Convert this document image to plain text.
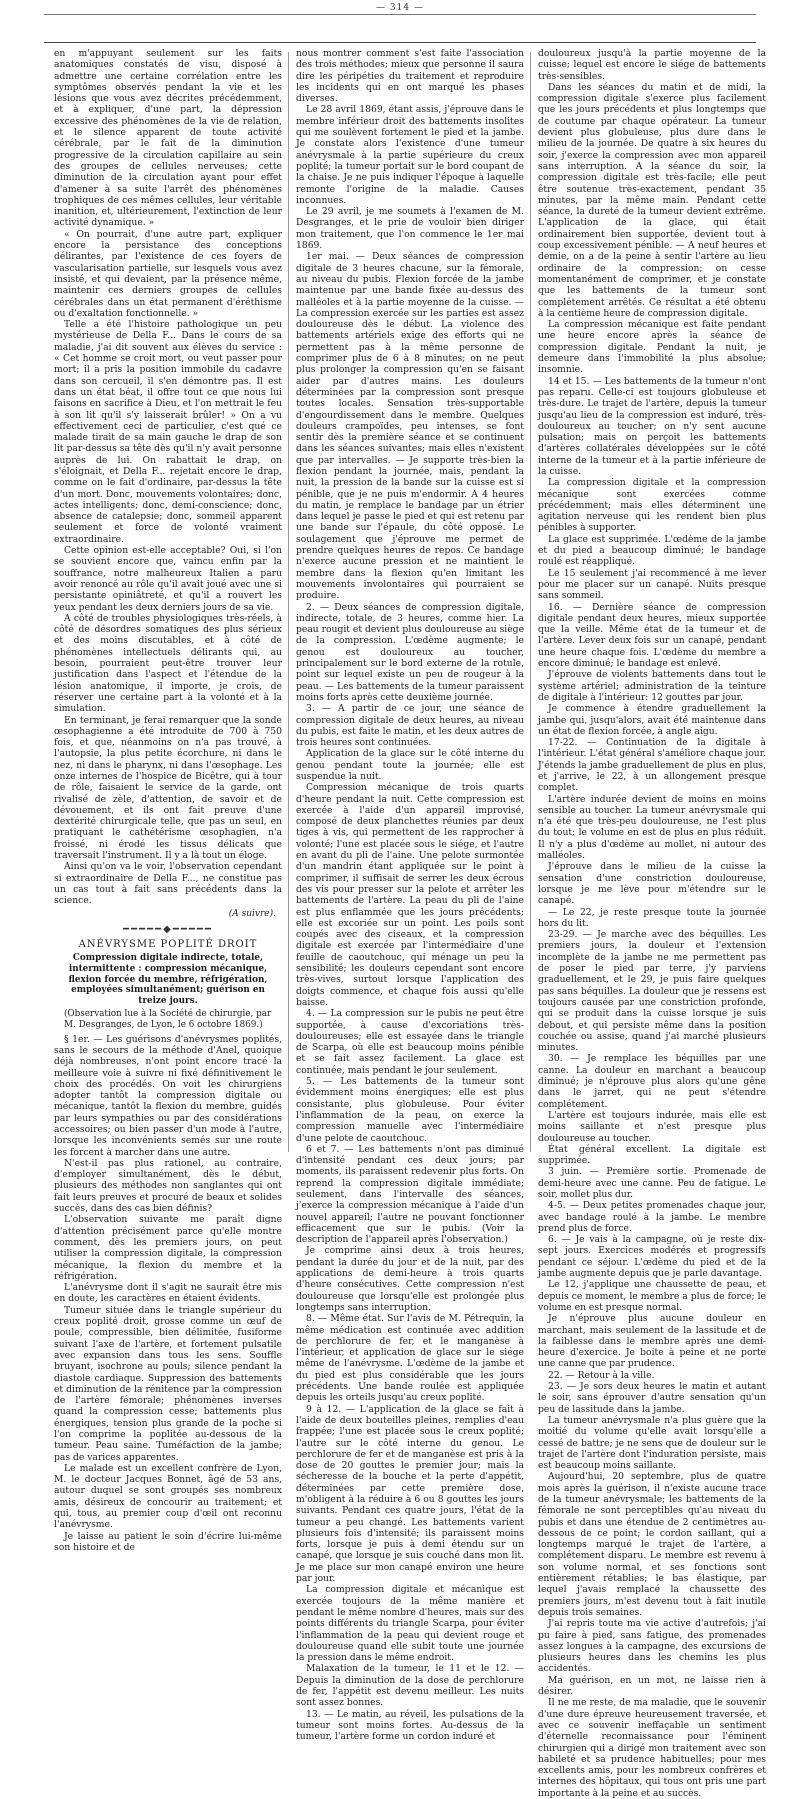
— 314 —

en m'appuyant seulement sur les faits anatomiques constatés de visu, disposé à admettre une certaine corrélation entre les symptômes observés pendant la vie et les lésions que vous avez décrites précédemment, et à expliquer, d'une part, la dépression excessive des phénomènes de la vie de relation, et le silence apparent de toute activité cérébrale, par le fait de la diminution progressive de la circulation capillaire au sein des groupes de cellules nerveuses; cette diminution de la circulation ayant pour effet d'amener à sa suite l'arrêt des phénomènes trophiques de ces mêmes cellules, leur véritable inanition, et, ultérieurement, l'extinction de leur activité dynamique. »

« On pourrait, d'une autre part, expliquer encore la persistance des conceptions délirantes, par l'existence de ces foyers de vascularisation partielle, sur lesquels vous avez insisté, et qui devaient, par la présence même, maintenir ces derniers groupes de cellules cérébrales dans un état permanent d'éréthisme ou d'exaltation fonctionnelle. »

Telle a été l'histoire pathologique un peu mystérieuse de Della F... Dans le cours de sa maladie, j'ai dit souvent aux élèves du service : « Cet homme se croit mort, ou veut passer pour mort; il a pris la position immobile du cadavre dans son cercueil, il s'en démontre pas. Il est dans un état béat, il offre tout ce que nous lui faisons en sacrifice à Dieu, et l'on mettrait le feu à son lit qu'il s'y laisserait brûler! » On a vu effectivement ceci de particulier, c'est qué ce malade tirait de sa main gauche le drap de son lit par-dessus sa tête dès qu'il n'y avait personne auprès de lui. On rabattait le drap, on s'éloignait, et Della F... rejetait encore le drap, comme on le fait d'ordinaire, par-dessus la tête d'un mort. Donc, mouvements volontaires; donc, actes intelligents; donc, demi-conscience; donc, absence de catalepsie; donc, sommeil apparent seulement et force de volonté vraiment extraordinaire.

Cette opinion est-elle acceptable? Oui, si l'on se souvient encore que, vaincu enfin par la souffrance, notre malheureux Italien a paru avoir renoncé au rôle qu'il avait joué avec une si persistante opiniâtreté, et qu'il a rouvert les yeux pendant les deux derniers jours de sa vie.

A côté de troubles physiologiques très-réels, à côté de désordres somatiques des plus sérieux et des moins discutables, et à côté de phénomènes intellectuels délirants qui, au besoin, pourraient peut-être trouver leur justification dans l'aspect et l'étendue de la lésion anatomique, il importe, je crois, de réserver une certaine part à la volonté et à la simulation.

En terminant, je ferai remarquer que la sonde œsophagienne a été introduite de 700 à 750 fois, et que, néanmoins on n'a pas trouvé, à l'autopsie, la plus petite écorchure, ni dans le nez, ni dans le pharynx, ni dans l'œsophage. Les onze internes de l'hospice de Bicêtre, qui à tour de rôle, faisaient le service de la garde, ont rivalisé de zèle, d'attention, de savoir et de dévouement, et ils ont fait preuve d'une dextérité chirurgicale telle, que pas un seul, en pratiquant le cathétérisme œsophagien, n'a froissé, ni érodé les tissus délicats que traversait l'instrument. Il y a là tout un éloge.

Ainsi qu'on va le voir, l'observation cependant si extraordinaire de Della F..., ne constitue pas un cas tout à fait sans précédents dans la science.

(A suivre).
━━━━━◆━━━━━
ANÉVRYSME POPLITÉ DROIT
Compression digitale indirecte, totale, intermittente : compression mécanique, flexion forcée du membre, réfrigération, employées simultanément; guérison en treize jours.
(Observation lue à la Société de chirurgie, par M. Desgranges, de Lyon, le 6 octobre 1869.)

§ 1er. — Les guérisons d'anévrysmes poplités, sans le secours de la méthode d'Anel, quoique déjà nombreuses, n'ont point encore tracé la meilleure voie à suivre ni fixé définitivement le choix des procédés. On voit les chirurgiens adopter tantôt la compression digitale ou mécanique, tantôt la flexion du membre, guidés par leurs sympathies ou par des considérations accessoires; ou bien passer d'un mode à l'autre, lorsque les inconvénients semés sur une route les forcent à marcher dans une autre.

N'est-il pas plus rationel, au contraire, d'employer simultanément, dès le début, plusieurs des méthodes non sanglantes qui ont fait leurs preuves et procuré de beaux et solides succès, dans des cas bien définis?

L'observation suivante me paraît digne d'attention précisément parce qu'elle montre comment, dès les premiers jours, on peut utiliser la compression digitale, la compression mécanique, la flexion du membre et la réfrigération.

L'anévrysme dont il s'agit ne saurait être mis en doute, les caractères en étaient évidents.

Tumeur située dans le triangle supérieur du creux poplité droit, grosse comme un œuf de poule, compressible, bien délimitée, fusiforme suivant l'axe de l'artère, et fortement pulsatile avec expansion dans tous les sens. Souffle bruyant, isochrone au pouls; silence pendant la diastole cardiaque. Suppression des battements et diminution de la rénitence par la compression de l'artère fémorale; phénomènes inverses quand la compression cesse; battements plus énergiques, tension plus grande de la poche si l'on comprime la poplitée au-dessous de la tumeur. Peau saine. Tuméfaction de la jambe; pas de varices apparentes.

Le malade est un excellent confrère de Lyon, M. le docteur Jacques Bonnet, âgé de 53 ans, autour duquel se sont groupés ses nombreux amis, désireux de concourir au traitement; et qui, tous, au premier coup d'œil ont reconnu l'anévrysme.

Je laisse au patient le soin d'écrire lui-même son histoire et de

nous montrer comment s'est faite l'association des trois méthodes; mieux que personne il saura dire les péripéties du traitement et reproduire les incidents qui en ont marqué les phases diverses.

Le 28 avril 1869, étant assis, j'éprouve dans le membre inférieur droit des battements insolites qui me soulèvent fortement le pied et la jambe. Je constate alors l'existence d'une tumeur anévrysmale à la partie supérieure du creux poplité; la tumeur portait sur le bord coupant de la chaise. Je ne puis indiquer l'époque à laquelle remonte l'origine de la maladie. Causes inconnues.

Le 29 avril, je me soumets à l'examen de M. Desgranges, et le prie de vouloir bien diriger mon traitement, que l'on commence le 1er mai 1869.

1er mai. — Deux séances de compression digitale de 3 heures chacune, sur la fémorale, au niveau du pubis. Flexion forcée de la jambe maintenue par une bande fixée au-dessus des malléoles et à la partie moyenne de la cuisse. — La compression exercée sur les parties est assez douloureuse dès le début. La violence des battements artériels exige des efforts qui ne permettent pas à la même personne de comprimer plus de 6 à 8 minutes; on ne peut plus prolonger la compression qu'en se faisant aider par d'autres mains. Les douleurs déterminées par la compression sont presque toutes locales. Sensation très-supportable d'engourdissement dans le membre. Quelques douleurs crampoïdes, peu intenses, se font sentir dès la première séance et se continuent dans les séances suivantes; mais elles n'existent que par intervalles. — Je supporte très-bien la flexion pendant la journée, mais, pendant la nuit, la pression de la bande sur la cuisse est si pénible, que je ne puis m'endormir. A 4 heures du matin, je remplace le bandage par un étrier dans lequel je passe le pied et qui est retenu par une bande sur l'épaule, du côté opposé. Le soulagement que j'éprouve me permet de prendre quelques heures de repos. Ce bandage n'exerce aucune pression et ne maintient le membre dans la flexion qu'en limitant les mouvements involontaires qui pourraient se produire.

2. — Deux séances de compression digitale, indirecte, totale, de 3 heures, comme hier. La peau rougit et devient plus douloureuse au siège de la compression. L'œdème augmente; le genou est douloureux au toucher, principalement sur le bord externe de la rotule, point sur lequel existe un peu de rougeur à la peau. — Les battements de la tumeur paraissent moins forts après cette deuxième journée.

3. — A partir de ce jour, une séance de compression digitale de deux heures, au niveau du pubis, est faite le matin, et les deux autres de trois heures sont continuées.

Application de la glace sur le côté interne du genou pendant toute la journée; elle est suspendue la nuit.

Compression mécanique de trois quarts d'heure pendant la nuit. Cette compression est exercée à l'aide d'un appareil improvisé, composé de deux planchettes réunies par deux tiges à vis, qui permettent de les rapprocher à volonté; l'une est placée sous le siége, et l'autre en avant du pli de l'aine. Une pelote surmontée d'un mandrin étant appliquée sur le point à comprimer, il suffisait de serrer les deux écrous des vis pour presser sur la pelote et arrêter les battements de l'artère. La peau du pli de l'aine est plus enflammée que les jours précédents; elle est excoriée sur un point. Les poils sont coupés avec des ciseaux, et la compression digitale est exercée par l'intermédiaire d'une feuille de caoutchouc, qui ménage un peu la sensibilité; les douleurs cependant sont encore très-vives, surtout lorsque l'application des doigts commence, et chaque fois aussi qu'elle baisse.

4. — La compression sur le pubis ne peut être supportée, à cause d'excoriations très-douloureuses; elle est essayée dans le triangle de Scarpa, où elle est beaucoup moins pénible et se fait assez facilement. La glace est continuée, mais pendant le jour seulement.

5. — Les battements de la tumeur sont évidemment moins énergiques; elle est plus consistante, plus globuleuse. Pour éviter l'inflammation de la peau, on exerce la compression manuelle avec l'intermédiaire d'une pelote de caoutchouc.

6 et 7. — Les battements n'ont pas diminué d'intensité pendant ces deux jours; par moments, ils paraissent redevenir plus forts. On reprend la compression digitale immédiate; seulement, dans l'intervalle des séances, j'exerce la compression mécanique à l'aide d'un nouvel appareil; l'autre ne pouvant fonctionner efficacement que sur le pubis. (Voir la description de l'appareil après l'observation.)

Je comprime ainsi deux à trois heures, pendant la durée du jour et de la nuit, par des applications de demi-heure à trois quarts d'heure consécutives. Cette compression n'est douloureuse que lorsqu'elle est prolongée plus longtemps sans interruption.

8. — Même état. Sur l'avis de M. Pétrequin, la même médication est continuée avec addition de perchlorure de fer, et le manganèse à l'intérieur, et application de glace sur le siége même de l'anévrysme. L'œdème de la jambe et du pied est plus considérable que les jours précédents. Une bande roulée est appliquée depuis les orteils jusqu'au creux poplité.

9 à 12. — L'application de la glace se fait à l'aide de deux bouteilles pleines, remplies d'eau frappée; l'une est placée sous le creux poplité; l'autre sur le côté interne du genou. Le perchlorure de fer et de manganèse est pris à la dose de 20 gouttes le premier jour; mais la sécheresse de la bouche et la perte d'appétit, déterminées par cette première dose, m'obligent à la réduire à 6 ou 8 gouttes les jours suivants. Pendant ces quatre jours, l'état de la tumeur a peu changé. Les battements varient plusieurs fois d'intensité; ils paraissent moins forts, lorsque je puis à demi étendu sur un canapé, que lorsque je suis couché dans mon lit. Je me place sur mon canapé environ une heure par jour.

La compression digitale et mécanique est exercée toujours de la même manière et pendant le même nombre d'heures, mais sur des points différents du triangle Scarpa, pour éviter l'inflammation de la peau qui devient rouge et douloureuse quand elle subit toute une journée la pression dans le même endroit.

Malaxation de la tumeur, le 11 et le 12. — Depuis la diminution de la dose de perchlorure de fer, l'appétit est devenu meilleur. Les nuits sont assez bonnes.

13. — Le matin, au réveil, les pulsations de la tumeur sont moins fortes. Au-dessus de la tumeur, l'artère forme un cordon induré et

douloureux jusqu'à la partie moyenne de la cuisse; lequel est encore le siége de battements très-sensibles.

Dans les séances du matin et de midi, la compression digitale s'exerce plus facilement que les jours précédents et plus longtemps que de coutume par chaque opérateur. La tumeur devient plus globuleuse, plus dure dans le milieu de la journée. De quatre à six heures du soir, j'exerce la compression avec mon appareil sans interruption. A la séance du soir, la compression digitale est très-facile; elle peut être soutenue très-exactement, pendant 35 minutes, par la même main. Pendant cette séance, la dureté de la tumeur devient extrême. L'application de la glace, qui était ordinairement bien supportée, devient tout à coup excessivement pénible. — A neuf heures et demie, on a de la peine à sentir l'artère au lieu ordinaire de la compression; on cesse momentanément de comprimer, et je constate que les battements de la tumeur sont complétement arrêtés. Ce résultat a été obtenu à la centième heure de compression digitale.

La compression mécanique est faite pendant une heure encore après la séance de compression digitale. Pendant la nuit, je demeure dans l'immobilité la plus absolue; insomnie.

14 et 15. — Les battements de la tumeur n'ont pas reparu. Celle-ci est toujours globuleuse et très-dure. Le trajet de l'artère, depuis la tumeur jusqu'au lieu de la compression est induré, très-douloureux au toucher; on n'y sent aucune pulsation; mais on perçoit les battements d'artères collatérales développées sur le côté interne de la tumeur et à la partie inférieure de la cuisse.

La compression digitale et la compression mécanique sont exercées comme précédemment; mais elles déterminent une agitation nerveuse qui les rendent bien plus pénibles à supporter.

La glace est supprimée. L'œdème de la jambe et du pied a beaucoup diminué; le bandage roulé est réappliqué.

Le 15 seulement j'ai recommencé à me lever pour me placer sur un canapé. Nuits presque sans sommeil.

16. — Dernière séance de compression digitale pendant deux heures, mieux supportée que la veille. Même état de la tumeur et de l'artère. Lever deux fois sur un canapé, pendant une heure chaque fois. L'œdème du membre a encore diminué; le bandage est enlevé.

J'éprouve de violents battements dans tout le système artériel; administration de la teinture de digitale à l'intérieur: 12 gouttes par jour.

Je commence à étendre graduellement la jambe qui, jusqu'alors, avait été maintenue dans un état de flexion forcée, à angle aigu.

17-22. — Continuation de la digitale à l'intérieur. L'état général s'améliore chaque jour. J'étends la jambe graduellement de plus en plus, et j'arrive, le 22, à un allongement presque complet.

L'artère indurée devient de moins en moins sensible au toucher. La tumeur anévrysmale qui n'a été que très-peu douloureuse, ne l'est plus du tout; le volume en est de plus en plus réduit. Il n'y a plus d'œdème au mollet, ni autour des malléoles.

J'éprouve dans le milieu de la cuisse la sensation d'une constriction douloureuse, lorsque je me lève pour m'étendre sur le canapé.

— Le 22, je reste presque toute la journée hors du lit.

23-29. — Je marche avec des béquilles. Les premiers jours, la douleur et l'extension incomplète de la jambe ne me permettent pas de poser le pied par terre, j'y parviens graduellement, et le 29, je puis faire quelques pas sans béquilles. La douleur que je ressens est toujours causée par une constriction profonde, qui se produit dans la cuisse lorsque je suis debout, et qui persiste même dans la position couchée ou assise, quand j'ai marché plusieurs minutes.

30. — Je remplace les béquilles par une canne. La douleur en marchant a beaucoup diminué; je n'éprouve plus alors qu'une gêne dans le jarret, qui ne peut s'étendre complétement.

L'artère est toujours indurée, mais elle est moins saillante et n'est presque plus douloureuse au toucher.

État général excellent. La digitale est supprimée.

3 juin. — Première sortie. Promenade de demi-heure avec une canne. Peu de fatigue. Le soir, mollet plus dur.

4-5. — Deux petites promenades chaque jour, avec bandage roulé à la jambe. Le membre prend plus de force.

6. — Je vais à la campagne, où je reste dix-sept jours. Exercices modérés et progressifs pendant ce séjour. L'œdème du pied et de la jambe augmente depuis que je parle davantage.

Le 12, j'applique une chaussette de peau, et depuis ce moment, le membre a plus de force; le volume en est presque normal.

Je n'éprouve plus aucune douleur en marchant, mais seulement de la lassitude et de la faiblesse dans le membre après une demi-heure d'exercice. Je boite à peine et ne porte une canne que par prudence.

22. — Retour à la ville.

23. — Je sors deux heures le matin et autant le soir, sans éprouver d'autre sensation qu'un peu de lassitude dans la jambe.

La tumeur anévrysmale n'a plus guère que la moitié du volume qu'elle avait lorsqu'elle a cessé de battre; je ne sens que de douleur sur le trajet de l'artère dont l'induration persiste, mais est beaucoup moins saillante.

Aujourd'hui, 20 septembre, plus de quatre mois après la guérison, il n'existe aucune trace de la tumeur anévrysmale; les battements de la fémorale ne sont perceptibles qu'au niveau du pubis et dans une étendue de 2 centimètres au-dessous de ce point; le cordon saillant, qui a longtemps marqué le trajet de l'artère, a complétement disparu. Le membre est revenu à son volume normal, et ses fonctions sont entièrement rétablies; le bas élastique, par lequel j'avais remplacé la chaussette des premiers jours, m'est devenu tout à fait inutile depuis trois semaines.

J'ai repris toute ma vie active d'autrefois; j'ai pu faire à pied, sans fatigue, des promenades assez longues à la campagne, des excursions de plusieurs heures dans les chemins les plus accidentés.

Ma guérison, en un mot, ne laisse rien à désirer.

Il ne me reste, de ma maladie, que le souvenir d'une dure épreuve heureusement traversée, et avec ce souvenir ineffaçable un sentiment d'éternelle reconnaissance pour l'éminent chirurgien qui a dirigé mon traitement avec son habileté et sa prudence habituelles; pour mes excellents amis, pour les nombreux confrères et internes des hôpitaux, qui tous ont pris une part importante à la peine et au succès.
